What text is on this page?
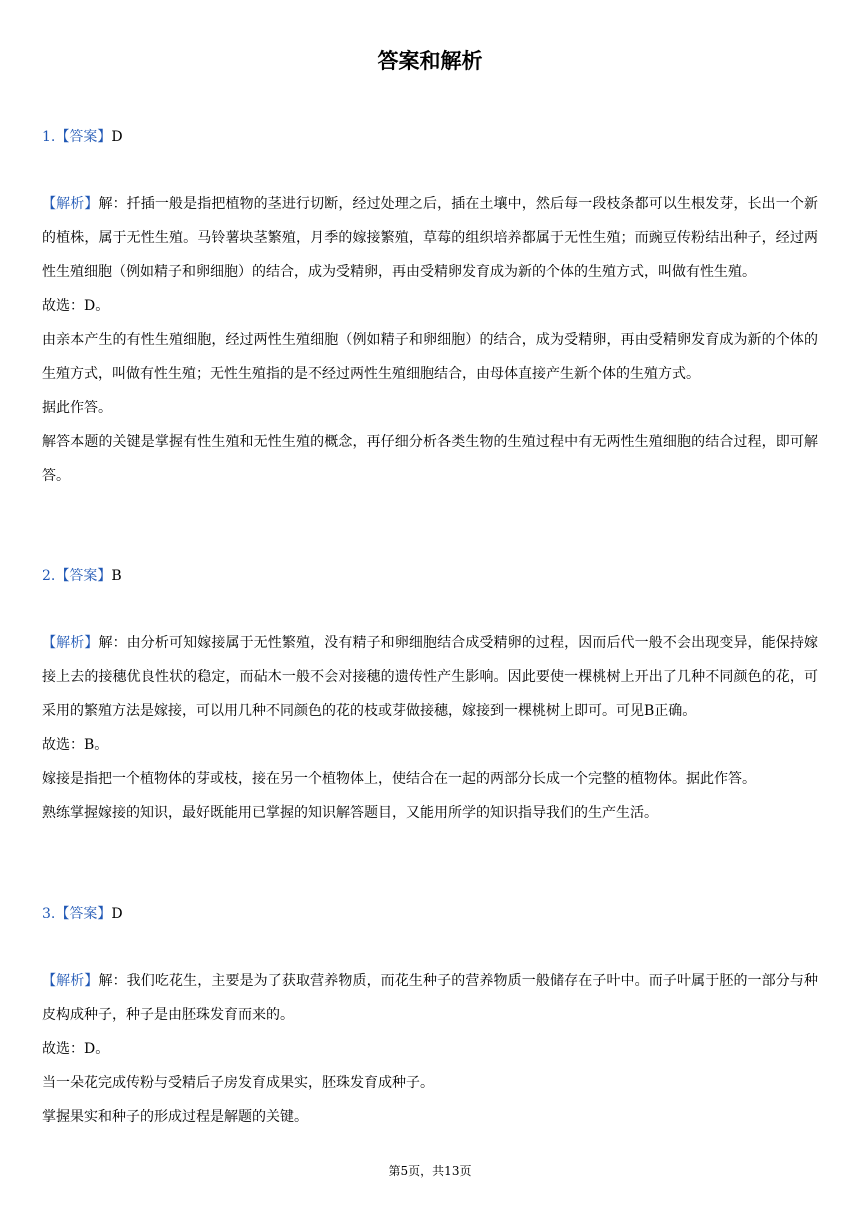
答案和解析
1.【答案】D

【解析】解：扦插一般是指把植物的茎进行切断，经过处理之后，插在土壤中，然后每一段枝条都可以生根发芽，长出一个新的植株，属于无性生殖。马铃薯块茎繁殖，月季的嫁接繁殖，草莓的组织培养都属于无性生殖；而豌豆传粉结出种子，经过两性生殖细胞（例如精子和卵细胞）的结合，成为受精卵，再由受精卵发育成为新的个体的生殖方式，叫做有性生殖。

故选：D。

由亲本产生的有性生殖细胞，经过两性生殖细胞（例如精子和卵细胞）的结合，成为受精卵，再由受精卵发育成为新的个体的生殖方式，叫做有性生殖；无性生殖指的是不经过两性生殖细胞结合，由母体直接产生新个体的生殖方式。

据此作答。

解答本题的关键是掌握有性生殖和无性生殖的概念，再仔细分析各类生物的生殖过程中有无两性生殖细胞的结合过程，即可解答。

2.【答案】B

【解析】解：由分析可知嫁接属于无性繁殖，没有精子和卵细胞结合成受精卵的过程，因而后代一般不会出现变异，能保持嫁接上去的接穗优良性状的稳定，而砧木一般不会对接穗的遗传性产生影响。因此要使一棵桃树上开出了几种不同颜色的花，可采用的繁殖方法是嫁接，可以用几种不同颜色的花的枝或芽做接穗，嫁接到一棵桃树上即可。可见B正确。

故选：B。

嫁接是指把一个植物体的芽或枝，接在另一个植物体上，使结合在一起的两部分长成一个完整的植物体。据此作答。

熟练掌握嫁接的知识，最好既能用已掌握的知识解答题目，又能用所学的知识指导我们的生产生活。

3.【答案】D

【解析】解：我们吃花生，主要是为了获取营养物质，而花生种子的营养物质一般储存在子叶中。而子叶属于胚的一部分与种皮构成种子，种子是由胚珠发育而来的。

故选：D。

当一朵花完成传粉与受精后子房发育成果实，胚珠发育成种子。

掌握果实和种子的形成过程是解题的关键。

第5页，共13页
